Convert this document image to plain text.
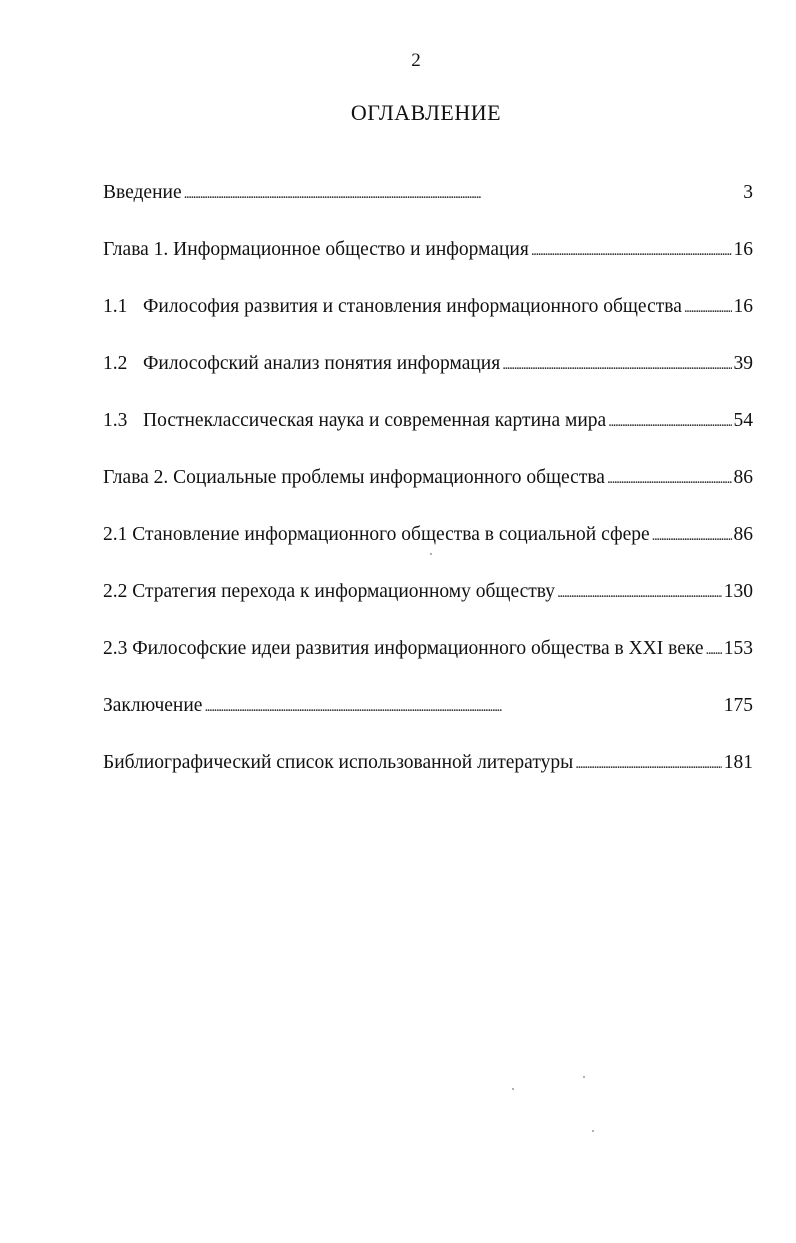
2
ОГЛАВЛЕНИЕ
Введение . . .	3
Глава 1. Информационное общество и информация . . .	16
1.1 Философия развития и становления информационного общества . . .	16
1.2 Философский анализ понятия информация . . .	39
1.3 Постнеклассическая наука и современная картина мира . . .	54
Глава 2. Социальные проблемы информационного общества . . .	86
2.1 Становление информационного общества в социальной сфере . . .	86
2.2 Стратегия перехода к информационному обществу . . .	130
2.3 Философские идеи развития информационного общества в XXI веке . . . 153
Заключение . . .	175
Библиографический список использованной литературы . . .	181
